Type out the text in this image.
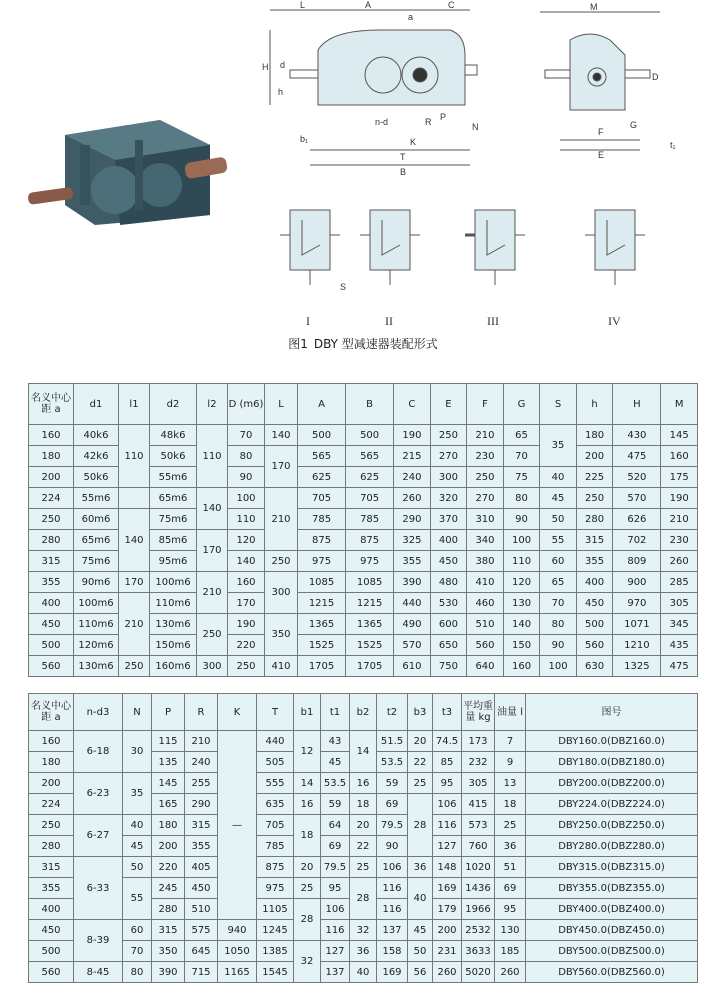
A	C
a
L
H
h
d
n-d	R P
K
T
B
N
M
D
F
E
G
S
b₁
t₁
I	II	III	IV
图1 DBY 型减速器装配形式
名义中心距 a	d1	l1	d2	l2	D (m6)	L	A	B	C	E	F	G	S	h	H	M
160	40k6	110	48k6	110	70	140	500	500	190	250	210	65	35	180	430	145
180	42k6		50k6		80	170	565	565	215	270	230	70		200	475	160
200	50k6		55m6		90		625	625	240	300	250	75	40	225	520	175
224	55m6		65m6	140	100	210	705	705	260	320	270	80	45	250	570	190
250	60m6	140	75m6		110		785	785	290	370	310	90	50	280	626	210
280	65m6		85m6	170	120		875	875	325	400	340	100	55	315	702	230
315	75m6		95m6		140	250	975	975	355	450	380	110	60	355	809	260
355	90m6	170	100m6	210	160	300	1085	1085	390	480	410	120	65	400	900	285
400	100m6	210	110m6		170		1215	1215	440	530	460	130	70	450	970	305
450	110m6		130m6	250	190	350	1365	1365	490	600	510	140	80	500	1071	345
500	120m6		150m6		220		1525	1525	570	650	560	150	90	560	1210	435
560	130m6	250	160m6	300	250	410	1705	1705	610	750	640	160	100	630	1325	475
名义中心距 a	n-d3	N	P	R	K	T	b1	t1	b2	t2	b3	t3	平均重量 kg	油量 l	图号
160	6-18	30	115	210	—	440	12	43	14	51.5	20	74.5	173	7	DBY160.0(DBZ160.0)
180			135	240		505		45		53.5	22	85	232	9	DBY180.0(DBZ180.0)
200	6-23	35	145	255		555	14	53.5	16	59	25	95	305	13	DBY200.0(DBZ200.0)
224			165	290		635	16	59	18	69	28	106	415	18	DBY224.0(DBZ224.0)
250	6-27	40	180	315		705	18	64	20	79.5		116	573	25	DBY250.0(DBZ250.0)
280		45	200	355		785		69	22	90		127	760	36	DBY280.0(DBZ280.0)
315	6-33	50	220	405		875	20	79.5	25	106	36	148	1020	51	DBY315.0(DBZ315.0)
355		55	245	450		975	25	95	28	116	40	169	1436	69	DBY355.0(DBZ355.0)
400			280	510		1105	28	106		116		179	1966	95	DBY400.0(DBZ400.0)
450	8-39	60	315	575	940	1245		116	32	137	45	200	2532	130	DBY450.0(DBZ450.0)
500		70	350	645	1050	1385	32	127	36	158	50	231	3633	185	DBY500.0(DBZ500.0)
560	8-45	80	390	715	1165	1545		137	40	169	56	260	5020	260	DBY560.0(DBZ560.0)
